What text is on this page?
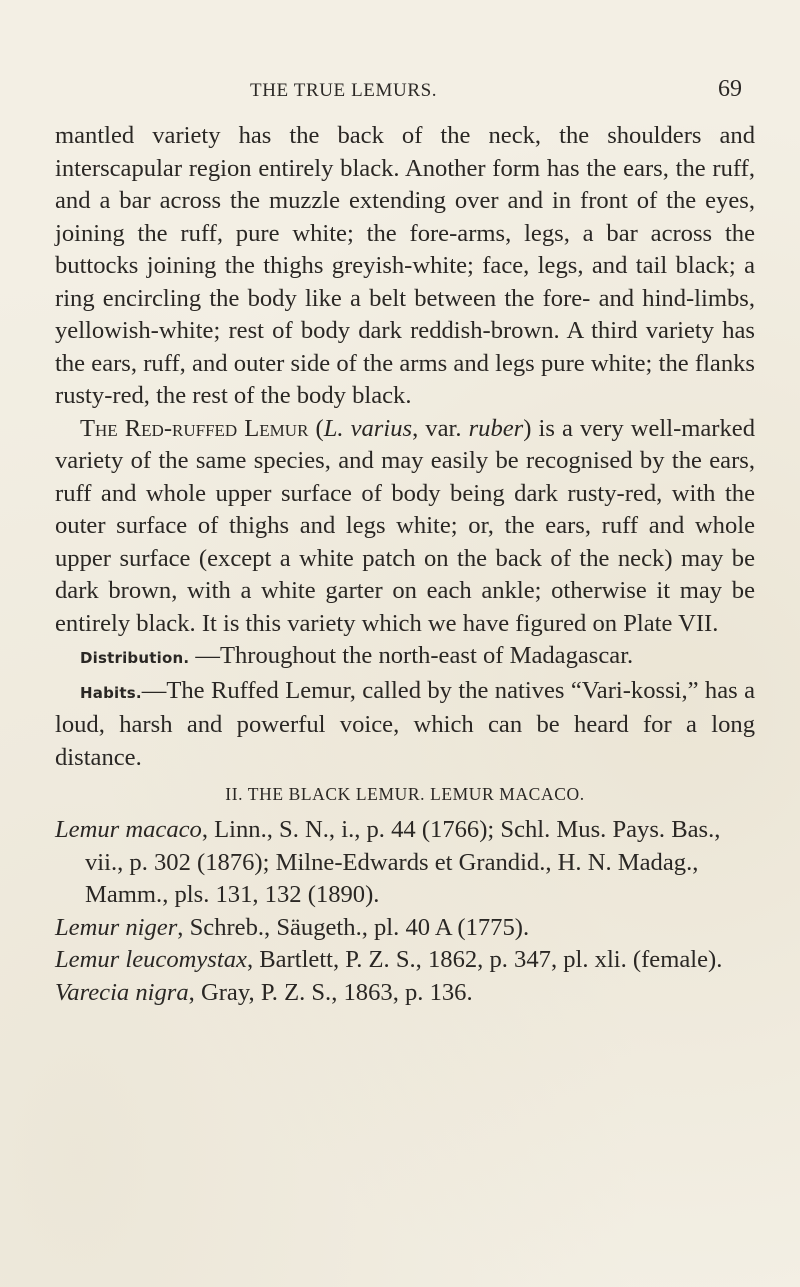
THE TRUE LEMURS.	69

mantled variety has the back of the neck, the shoulders and interscapular region entirely black. Another form has the ears, the ruff, and a bar across the muzzle extending over and in front of the eyes, joining the ruff, pure white; the fore-arms, legs, a bar across the buttocks joining the thighs greyish-white; face, legs, and tail black; a ring encircling the body like a belt between the fore- and hind-limbs, yellowish-white; rest of body dark reddish-brown. A third variety has the ears, ruff, and outer side of the arms and legs pure white; the flanks rusty-red, the rest of the body black.

The Red-ruffed Lemur (L. varius, var. ruber) is a very well-marked variety of the same species, and may easily be recognised by the ears, ruff and whole upper surface of body being dark rusty-red, with the outer surface of thighs and legs white; or, the ears, ruff and whole upper surface (except a white patch on the back of the neck) may be dark brown, with a white garter on each ankle; otherwise it may be entirely black. It is this variety which we have figured on Plate VII.

Distribution. —Throughout the north-east of Madagascar.

Habits.—The Ruffed Lemur, called by the natives “Vari-kossi,” has a loud, harsh and powerful voice, which can be heard for a long distance.

II. THE BLACK LEMUR. LEMUR MACACO.

Lemur macaco, Linn., S. N., i., p. 44 (1766); Schl. Mus. Pays. Bas., vii., p. 302 (1876); Milne-Edwards et Grandid., H. N. Madag., Mamm., pls. 131, 132 (1890).

Lemur niger, Schreb., Säugeth., pl. 40 A (1775).

Lemur leucomystax, Bartlett, P. Z. S., 1862, p. 347, pl. xli. (female).

Varecia nigra, Gray, P. Z. S., 1863, p. 136.
